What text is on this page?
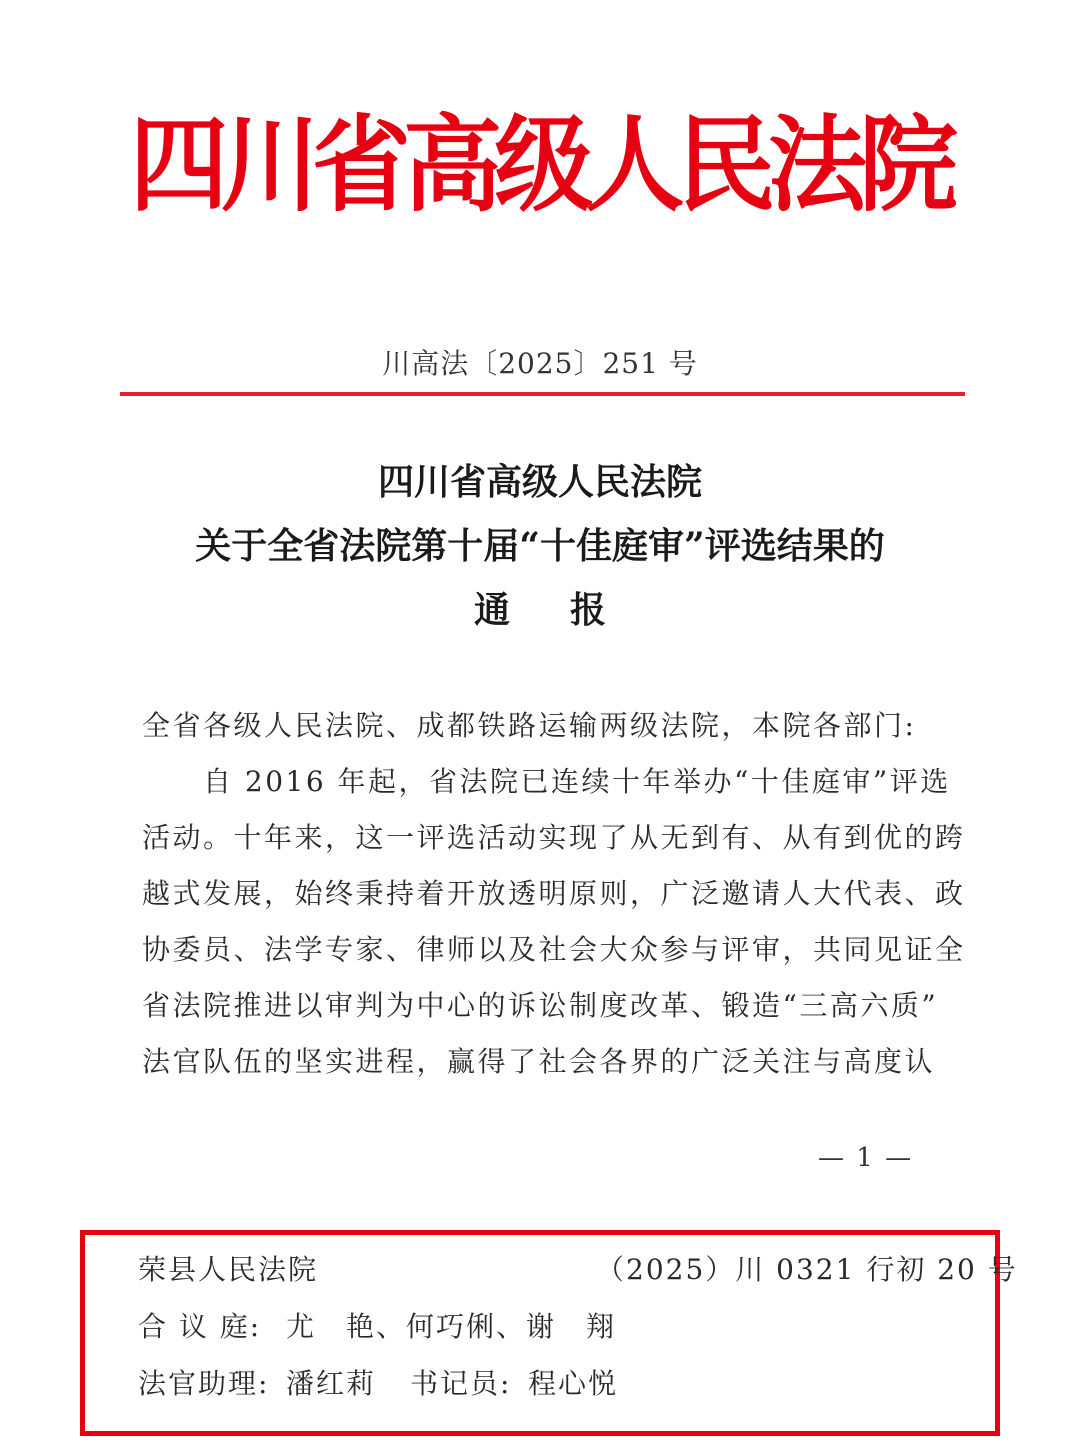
四川省高级人民法院
川高法〔2025〕251 号
四川省高级人民法院
关于全省法院第十届“十佳庭审”评选结果的
通报
全省各级人民法院、成都铁路运输两级法院，本院各部门:
　　自 2016 年起，省法院已连续十年举办“十佳庭审”评选
活动。十年来，这一评选活动实现了从无到有、从有到优的跨
越式发展，始终秉持着开放透明原则，广泛邀请人大代表、政
协委员、法学专家、律师以及社会大众参与评审，共同见证全
省法院推进以审判为中心的诉讼制度改革、锻造“三高六质”
法官队伍的坚实进程，赢得了社会各界的广泛关注与高度认
— 1 —
荣县人民法院	（2025）川 0321 行初 20 号
合 议 庭: 尤　艳、何巧俐、谢　翔
法官助理: 潘红莉 书记员: 程心悦
